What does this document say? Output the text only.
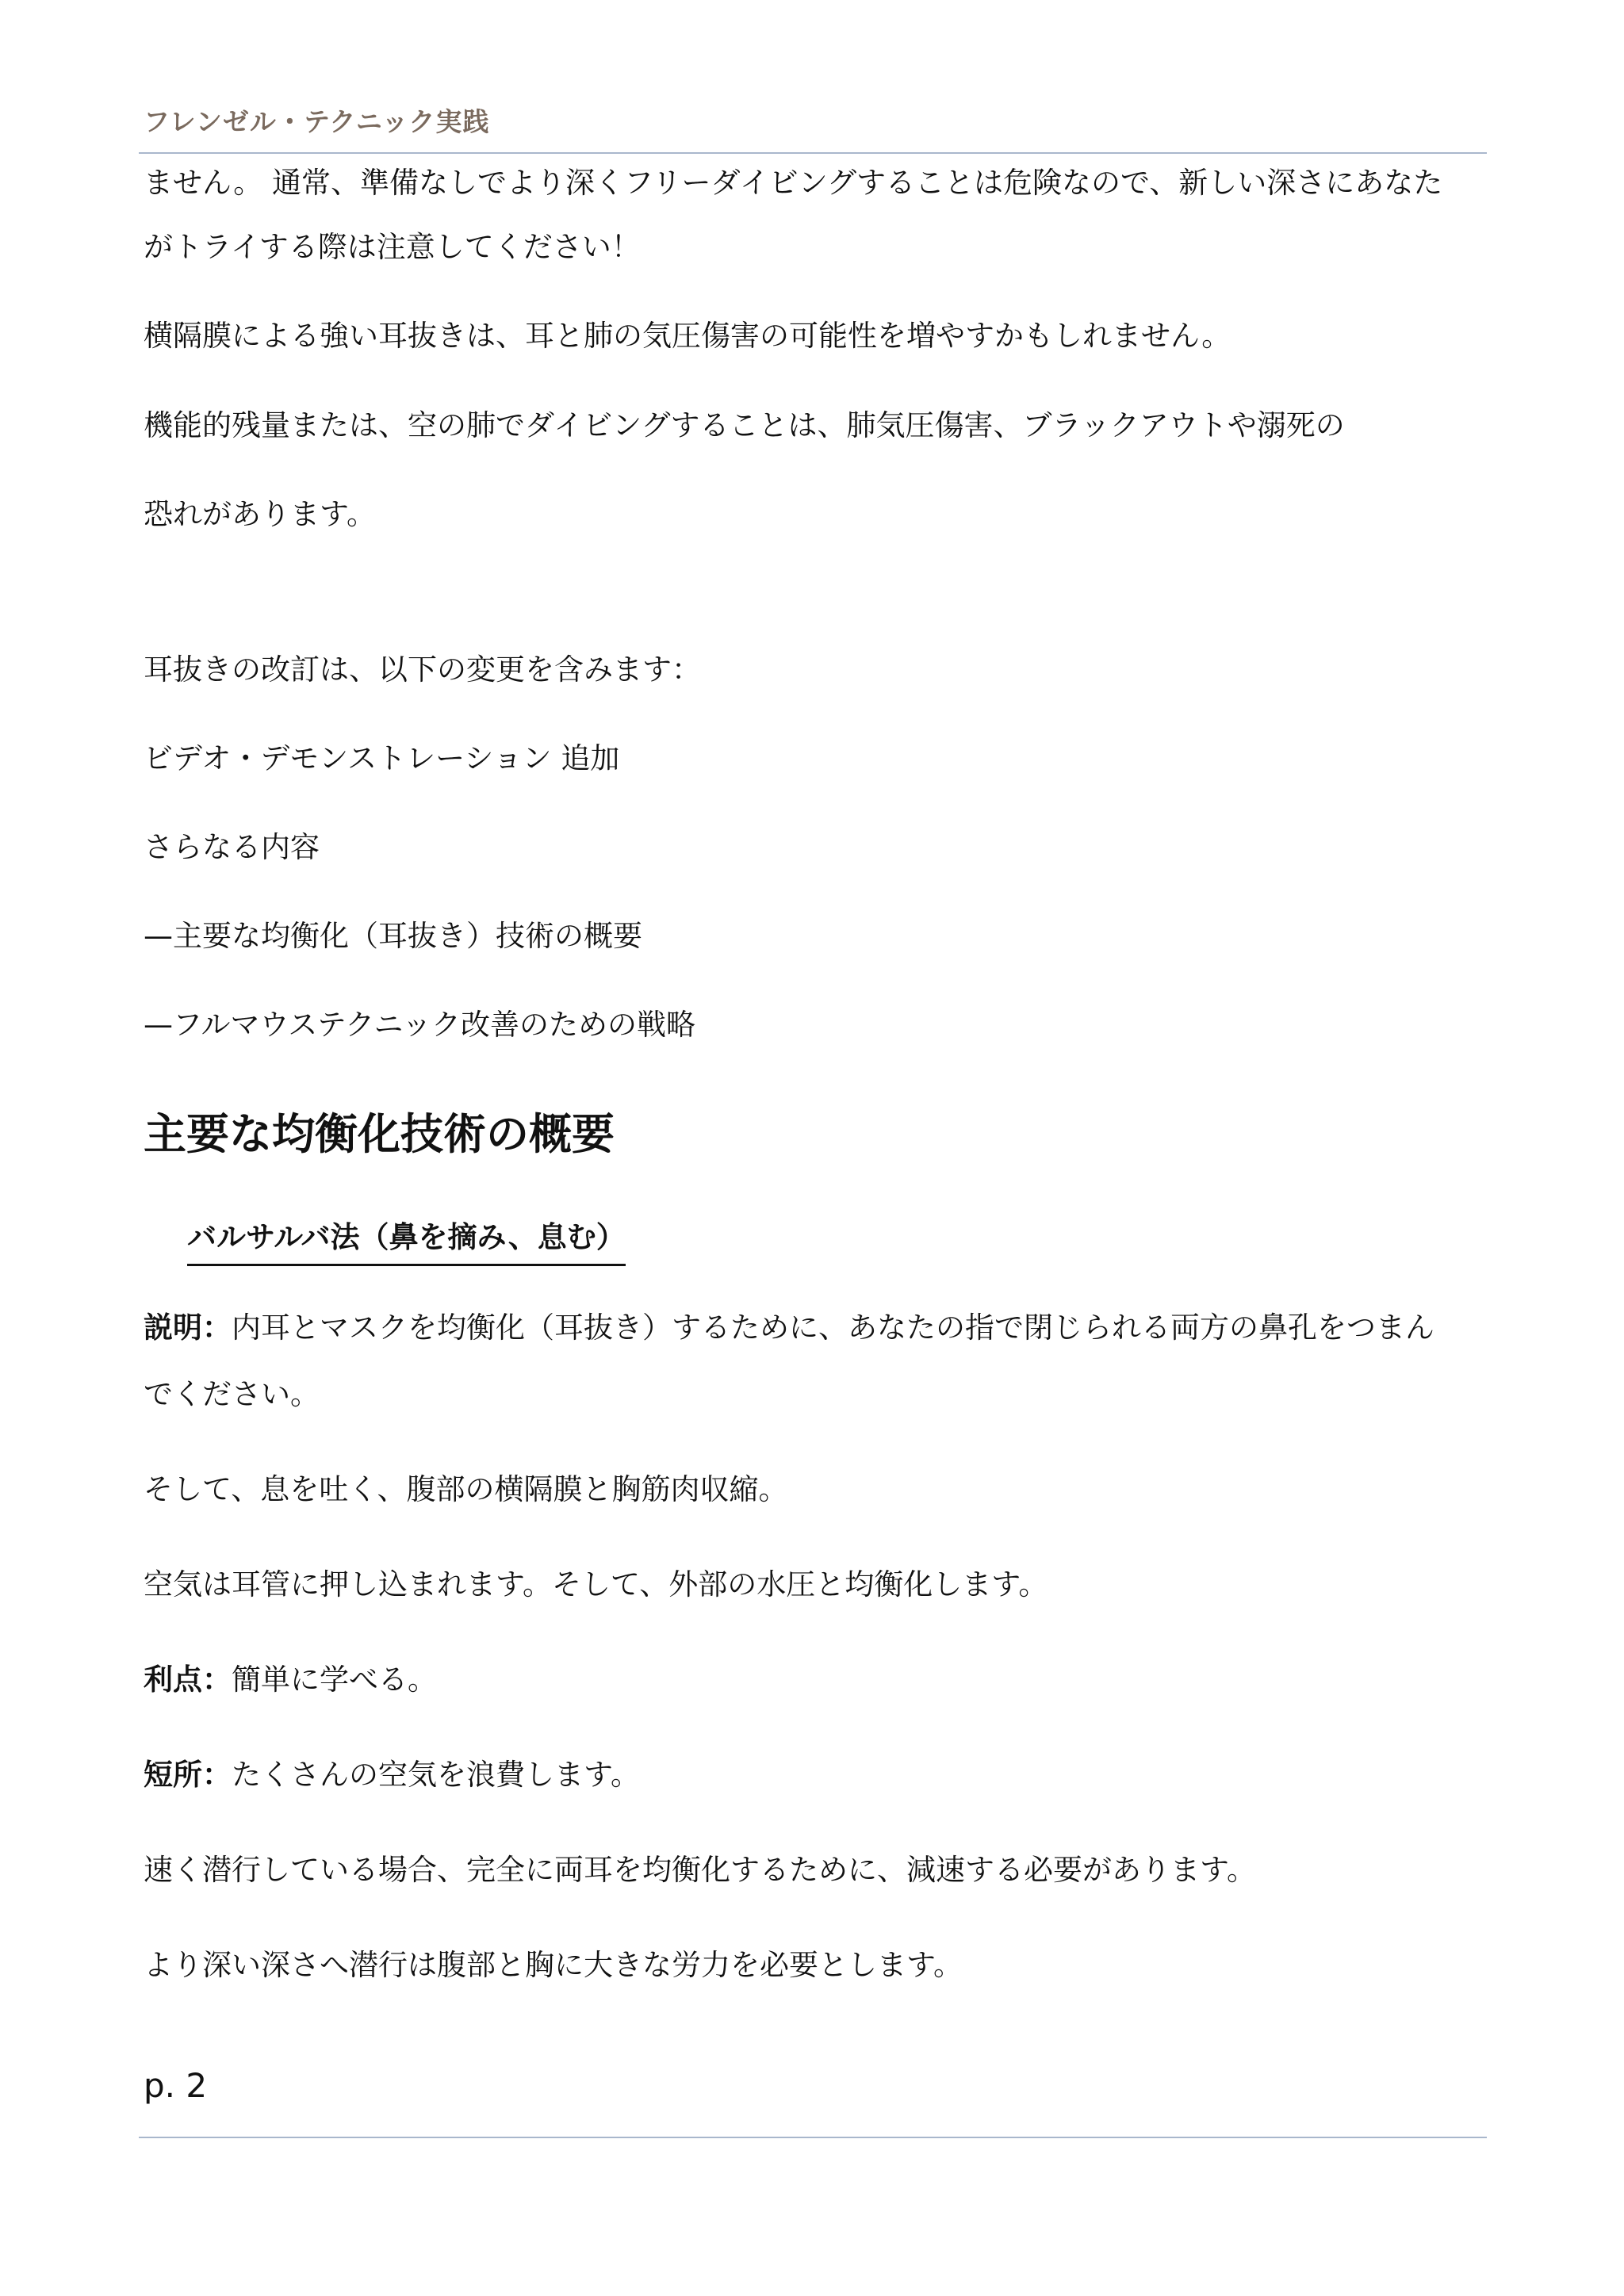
フレンゼル・テクニック実践
ません。 通常、準備なしでより深くフリーダイビングすることは危険なので、新しい深さにあなた
がトライする際は注意してください！
横隔膜による強い耳抜きは、耳と肺の気圧傷害の可能性を増やすかもしれません。
機能的残量または、空の肺でダイビングすることは、肺気圧傷害、ブラックアウトや溺死の
恐れがあります。
耳抜きの改訂は、以下の変更を含みます：
ビデオ・デモンストレーション 追加
さらなる内容
—主要な均衡化（耳抜き）技術の概要
—フルマウステクニック改善のための戦略
主要な均衡化技術の概要
バルサルバ法（鼻を摘み、息む）
説明：内耳とマスクを均衡化（耳抜き）するために、あなたの指で閉じられる両方の鼻孔をつまん
でください。
そして、息を吐く、腹部の横隔膜と胸筋肉収縮。
空気は耳管に押し込まれます。そして、外部の水圧と均衡化します。
利点：簡単に学べる。
短所：たくさんの空気を浪費します。
速く潜行している場合、完全に両耳を均衡化するために、減速する必要があります。
より深い深さへ潜行は腹部と胸に大きな労力を必要とします。
p. 2
